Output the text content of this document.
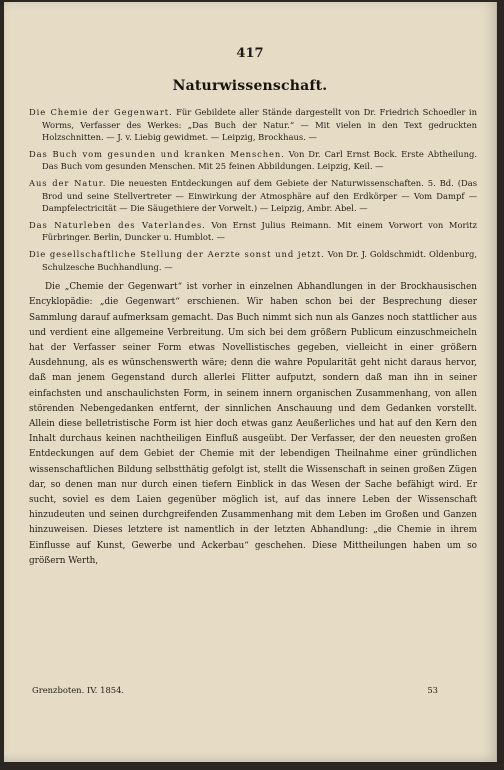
417
Naturwissenschaft.

Die Chemie der Gegenwart. Für Gebildete aller Stände dargestellt von Dr. Friedrich Schoedler in Worms, Verfasser des Werkes: „Das Buch der Natur.“ — Mit vielen in den Text gedruckten Holzschnitten. — J. v. Liebig gewidmet. — Leipzig, Brockhaus. —

Das Buch vom gesunden und kranken Menschen. Von Dr. Carl Ernst Bock. Erste Abtheilung. Das Buch vom gesunden Menschen. Mit 25 feinen Abbildungen. Leipzig, Keil. —

Aus der Natur. Die neuesten Entdeckungen auf dem Gebiete der Naturwissenschaften. 5. Bd. (Das Brod und seine Stellvertreter — Einwirkung der Atmosphäre auf den Erdkörper — Vom Dampf — Dampfelectricität — Die Säugethiere der Vorwelt.) — Leipzig, Ambr. Abel. —

Das Naturleben des Vaterlandes. Von Ernst Julius Reimann. Mit einem Vorwort von Moritz Fürbringer. Berlin, Duncker u. Humblot. —

Die gesellschaftliche Stellung der Aerzte sonst und jetzt. Von Dr. J. Goldschmidt. Oldenburg, Schulzesche Buchhandlung. —

Die „Chemie der Gegenwart“ ist vorher in einzelnen Abhandlungen in der Brockhausischen Encyklopädie: „die Gegenwart“ erschienen. Wir haben schon bei der Besprechung dieser Sammlung darauf aufmerksam gemacht. Das Buch nimmt sich nun als Ganzes noch stattlicher aus und verdient eine allgemeine Verbreitung. Um sich bei dem größern Publicum einzuschmeicheln hat der Verfasser seiner Form etwas Novellistisches gegeben, vielleicht in einer größern Ausdehnung, als es wünschenswerth wäre; denn die wahre Popularität geht nicht daraus hervor, daß man jenem Gegenstand durch allerlei Flitter aufputzt, sondern daß man ihn in seiner einfachsten und anschaulichsten Form, in seinem innern organischen Zusammenhang, von allen störenden Nebengedanken entfernt, der sinnlichen Anschauung und dem Gedanken vorstellt. Allein diese belletristische Form ist hier doch etwas ganz Aeußerliches und hat auf den Kern den Inhalt durchaus keinen nachtheiligen Einfluß ausgeübt. Der Verfasser, der den neuesten großen Entdeckungen auf dem Gebiet der Chemie mit der lebendigen Theilnahme einer gründlichen wissenschaftlichen Bildung selbstthätig gefolgt ist, stellt die Wissenschaft in seinen großen Zügen dar, so denen man nur durch einen tiefern Einblick in das Wesen der Sache befähigt wird. Er sucht, soviel es dem Laien gegenüber möglich ist, auf das innere Leben der Wissenschaft hinzudeuten und seinen durchgreifenden Zusammenhang mit dem Leben im Großen und Ganzen hinzuweisen. Dieses letztere ist namentlich in der letzten Abhandlung: „die Chemie in ihrem Einflusse auf Kunst, Gewerbe und Ackerbau“ geschehen. Diese Mittheilungen haben um so größern Werth,

Grenzboten. IV. 1854.	53
